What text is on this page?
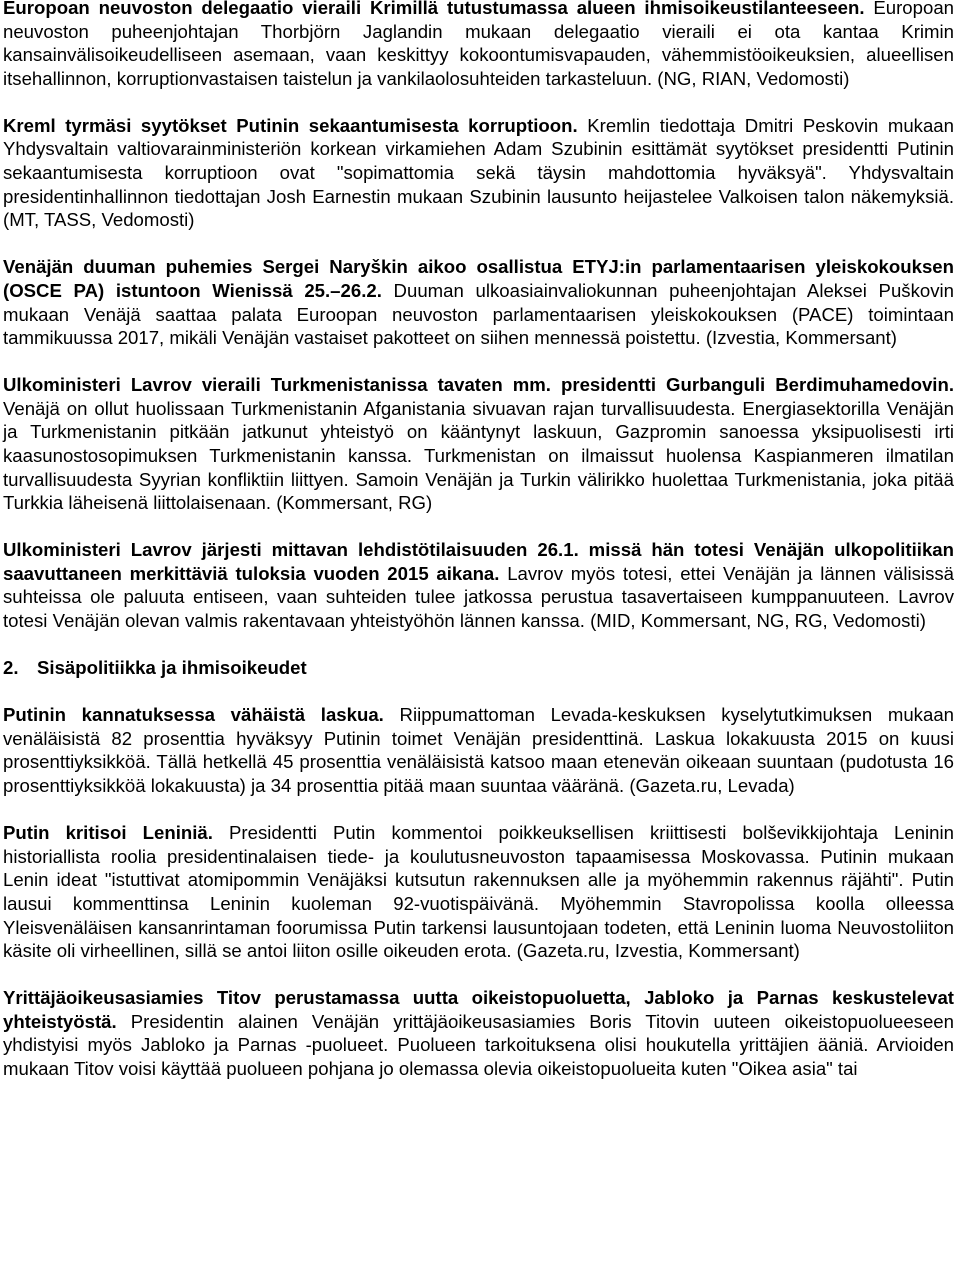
Europoan neuvoston delegaatio vieraili Krimillä tutustumassa alueen ihmisoikeustilanteeseen. Europoan neuvoston puheenjohtajan Thorbjörn Jaglandin mukaan delegaatio vieraili ei ota kantaa Krimin kansainvälisoikeudelliseen asemaan, vaan keskittyy kokoontumisvapauden, vähemmistöoikeuksien, alueellisen itsehallinnon, korruptionvastaisen taistelun ja vankilaolosuhteiden tarkasteluun. (NG, RIAN, Vedomosti)

Kreml tyrmäsi syytökset Putinin sekaantumisesta korruptioon. Kremlin tiedottaja Dmitri Peskovin mukaan Yhdysvaltain valtiovarainministeriön korkean virkamiehen Adam Szubinin esittämät syytökset presidentti Putinin sekaantumisesta korruptioon ovat "sopimattomia sekä täysin mahdottomia hyväksyä". Yhdysvaltain presidentinhallinnon tiedottajan Josh Earnestin mukaan Szubinin lausunto heijastelee Valkoisen talon näkemyksiä. (MT, TASS, Vedomosti)

Venäjän duuman puhemies Sergei Naryškin aikoo osallistua ETYJ:in parlamentaarisen yleiskokouksen (OSCE PA) istuntoon Wienissä 25.–26.2. Duuman ulkoasiainvaliokunnan puheenjohtajan Aleksei Puškovin mukaan Venäjä saattaa palata Euroopan neuvoston parlamentaarisen yleiskokouksen (PACE) toimintaan tammikuussa 2017, mikäli Venäjän vastaiset pakotteet on siihen mennessä poistettu. (Izvestia, Kommersant)

Ulkoministeri Lavrov vieraili Turkmenistanissa tavaten mm. presidentti Gurbanguli Berdimuhamedovin. Venäjä on ollut huolissaan Turkmenistanin Afganistania sivuavan rajan turvallisuudesta. Energiasektorilla Venäjän ja Turkmenistanin pitkään jatkunut yhteistyö on kääntynyt laskuun, Gazpromin sanoessa yksipuolisesti irti kaasunostosopimuksen Turkmenistanin kanssa. Turkmenistan on ilmaissut huolensa Kaspianmeren ilmatilan turvallisuudesta Syyrian konfliktiin liittyen. Samoin Venäjän ja Turkin välirikko huolettaa Turkmenistania, joka pitää Turkkia läheisenä liittolaisenaan. (Kommersant, RG)

Ulkoministeri Lavrov järjesti mittavan lehdistötilaisuuden 26.1. missä hän totesi Venäjän ulkopolitiikan saavuttaneen merkittäviä tuloksia vuoden 2015 aikana. Lavrov myös totesi, ettei Venäjän ja lännen välisissä suhteissa ole paluuta entiseen, vaan suhteiden tulee jatkossa perustua tasavertaiseen kumppanuuteen. Lavrov totesi Venäjän olevan valmis rakentavaan yhteistyöhön lännen kanssa. (MID, Kommersant, NG, RG, Vedomosti)

2. Sisäpolitiikka ja ihmisoikeudet

Putinin kannatuksessa vähäistä laskua. Riippumattoman Levada-keskuksen kyselytutkimuksen mukaan venäläisistä 82 prosenttia hyväksyy Putinin toimet Venäjän presidenttinä. Laskua lokakuusta 2015 on kuusi prosenttiyksikköä. Tällä hetkellä 45 prosenttia venäläisistä katsoo maan etenevän oikeaan suuntaan (pudotusta 16 prosenttiyksikköä lokakuusta) ja 34 prosenttia pitää maan suuntaa vääränä. (Gazeta.ru, Levada)

Putin kritisoi Leniniä. Presidentti Putin kommentoi poikkeuksellisen kriittisesti bolševikkijohtaja Leninin historiallista roolia presidentinalaisen tiede- ja koulutusneuvoston tapaamisessa Moskovassa. Putinin mukaan Lenin ideat "istuttivat atomipommin Venäjäksi kutsutun rakennuksen alle ja myöhemmin rakennus räjähti". Putin lausui kommenttinsa Leninin kuoleman 92-vuotispäivänä. Myöhemmin Stavropolissa koolla olleessa Yleisvenäläisen kansanrintaman foorumissa Putin tarkensi lausuntojaan todeten, että Leninin luoma Neuvostoliiton käsite oli virheellinen, sillä se antoi liiton osille oikeuden erota. (Gazeta.ru, Izvestia, Kommersant)

Yrittäjäoikeusasiamies Titov perustamassa uutta oikeistopuoluetta, Jabloko ja Parnas keskustelevat yhteistyöstä. Presidentin alainen Venäjän yrittäjäoikeusasiamies Boris Titovin uuteen oikeistopuolueeseen yhdistyisi myös Jabloko ja Parnas -puolueet. Puolueen tarkoituksena olisi houkutella yrittäjien ääniä. Arvioiden mukaan Titov voisi käyttää puolueen pohjana jo olemassa olevia oikeistopuolueita kuten "Oikea asia" tai
